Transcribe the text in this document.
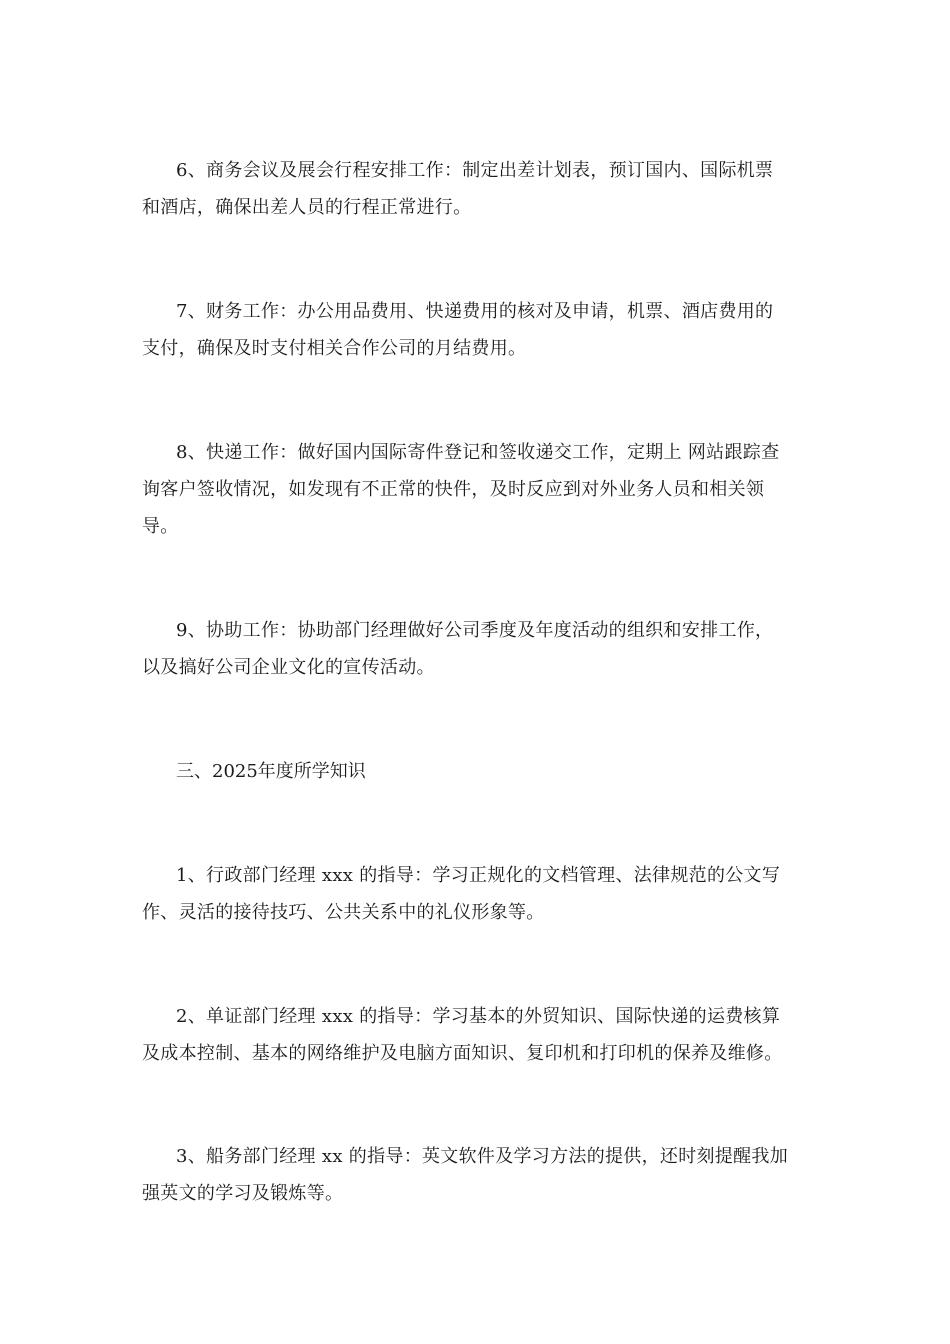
6、商务会议及展会行程安排工作：制定出差计划表，预订国内、国际机票
和酒店，确保出差人员的行程正常进行。
7、财务工作：办公用品费用、快递费用的核对及申请，机票、酒店费用的
支付，确保及时支付相关合作公司的月结费用。
8、快递工作：做好国内国际寄件登记和签收递交工作，定期上 网站跟踪查
询客户签收情况，如发现有不正常的快件，及时反应到对外业务人员和相关领
导。
9、协助工作：协助部门经理做好公司季度及年度活动的组织和安排工作，
以及搞好公司企业文化的宣传活动。
三、2025年度所学知识
1、行政部门经理 xxx 的指导：学习正规化的文档管理、法律规范的公文写
作、灵活的接待技巧、公共关系中的礼仪形象等。
2、单证部门经理 xxx 的指导：学习基本的外贸知识、国际快递的运费核算
及成本控制、基本的网络维护及电脑方面知识、复印机和打印机的保养及维修。
3、船务部门经理 xx 的指导：英文软件及学习方法的提供，还时刻提醒我加
强英文的学习及锻炼等。
